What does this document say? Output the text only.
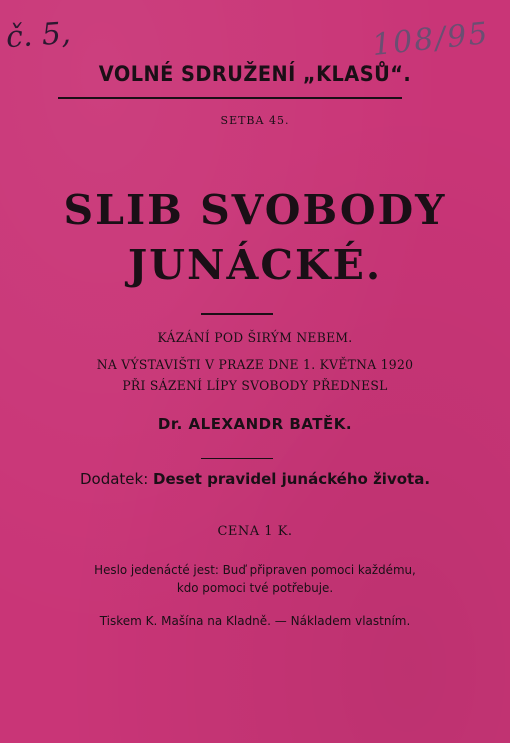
č. 5,	108/95
VOLNÉ SDRUŽENÍ „KLASŮ“.
SETBA 45.
SLIB SVOBODY
JUNÁCKÉ.
KÁZÁNÍ POD ŠIRÝM NEBEM.
NA VÝSTAVIŠTI V PRAZE DNE 1. KVĚTNA 1920
PŘI SÁZENÍ LÍPY SVOBODY PŘEDNESL
Dr. ALEXANDR BATĚK.
Dodatek: Deset pravidel junáckého života.
CENA 1 K.
Heslo jedenácté jest: Buď připraven pomoci každému,
kdo pomoci tvé potřebuje.
Tiskem K. Mašína na Kladně. — Nákladem vlastním.
